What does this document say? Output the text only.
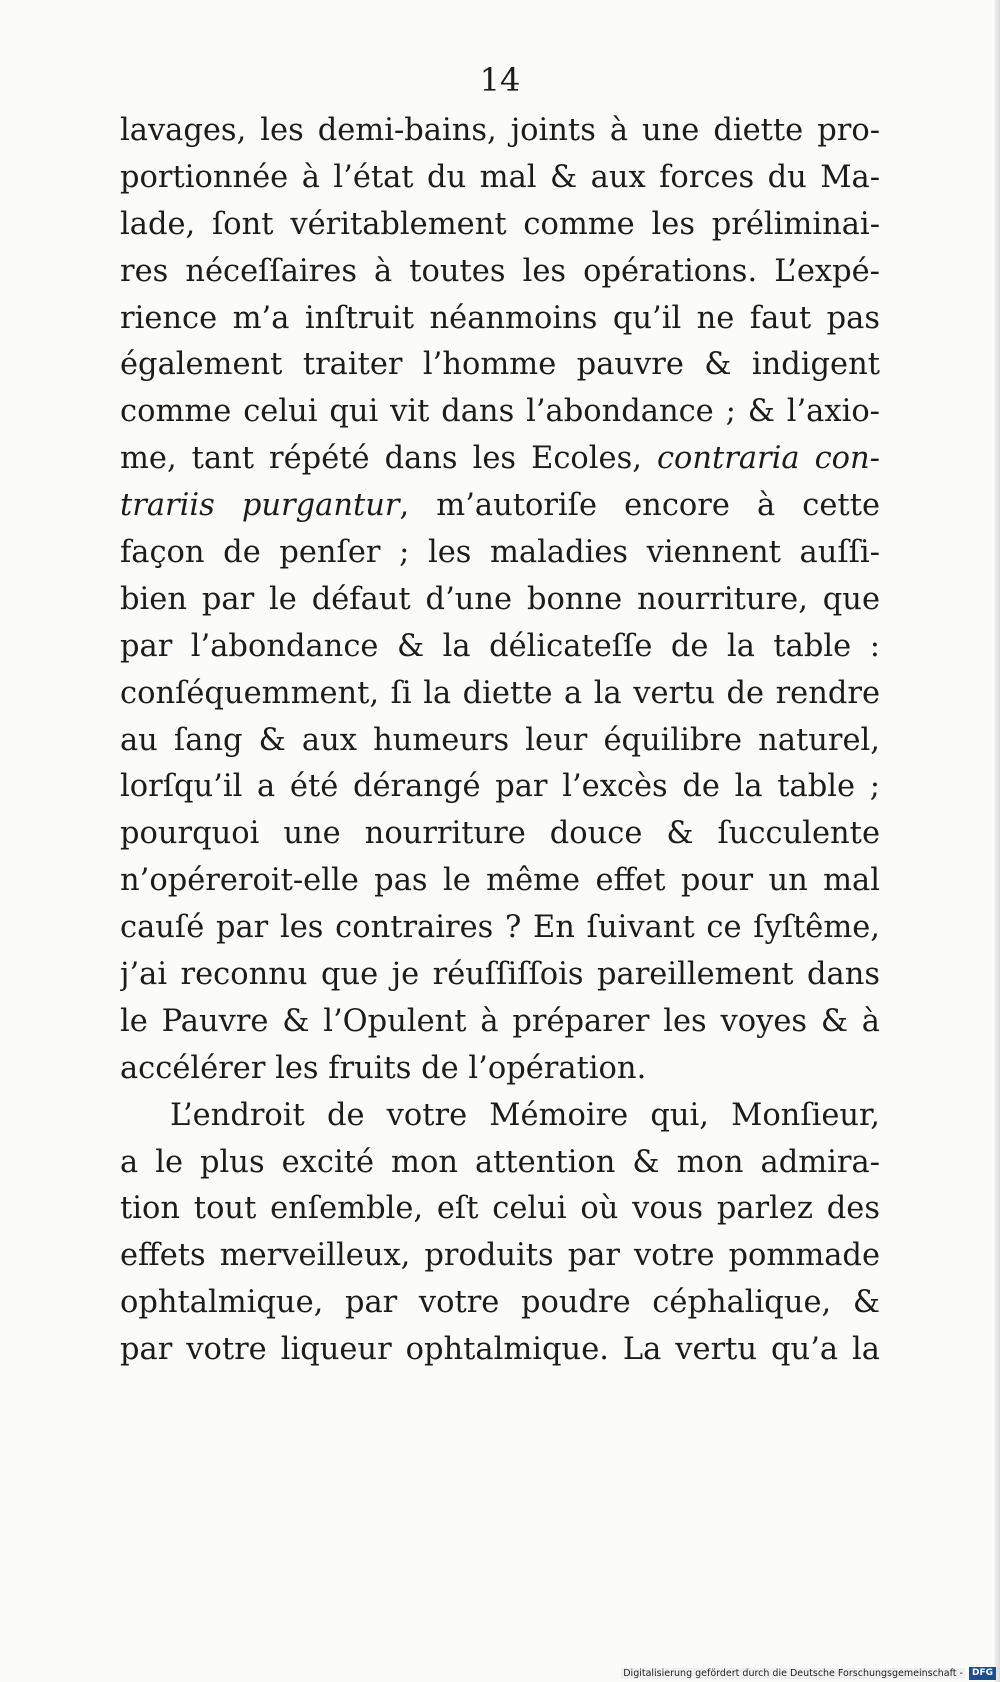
14
lavages, les demi-bains, joints à une diette pro-
portionnée à l’état du mal & aux forces du Ma-
lade, ſont véritablement comme les préliminai-
res néceſſaires à toutes les opérations. L’expé-
rience m’a inſtruit néanmoins qu’il ne faut pas
également traiter l’homme pauvre & indigent
comme celui qui vit dans l’abondance ; & l’axio-
me, tant répété dans les Ecoles, contraria con-
trariis purgantur, m’autoriſe encore à cette
façon de penſer ; les maladies viennent auſſi-
bien par le défaut d’une bonne nourriture, que
par l’abondance & la délicateſſe de la table :
conſéquemment, ſi la diette a la vertu de rendre
au ſang & aux humeurs leur équilibre naturel,
lorſqu’il a été dérangé par l’excès de la table ;
pourquoi une nourriture douce & ſucculente
n’opéreroit-elle pas le même effet pour un mal
cauſé par les contraires ? En ſuivant ce ſyſtême,
j’ai reconnu que je réuſſiſſois pareillement dans
le Pauvre & l’Opulent à préparer les voyes & à
accélérer les fruits de l’opération.
L’endroit de votre Mémoire qui, Monſieur,
a le plus excité mon attention & mon admira-
tion tout enſemble, eſt celui où vous parlez des
effets merveilleux, produits par votre pommade
ophtalmique, par votre poudre céphalique, &
par votre liqueur ophtalmique. La vertu qu’a la
Digitalisierung gefördert durch die Deutsche Forschungsgemeinschaft -	DFG
